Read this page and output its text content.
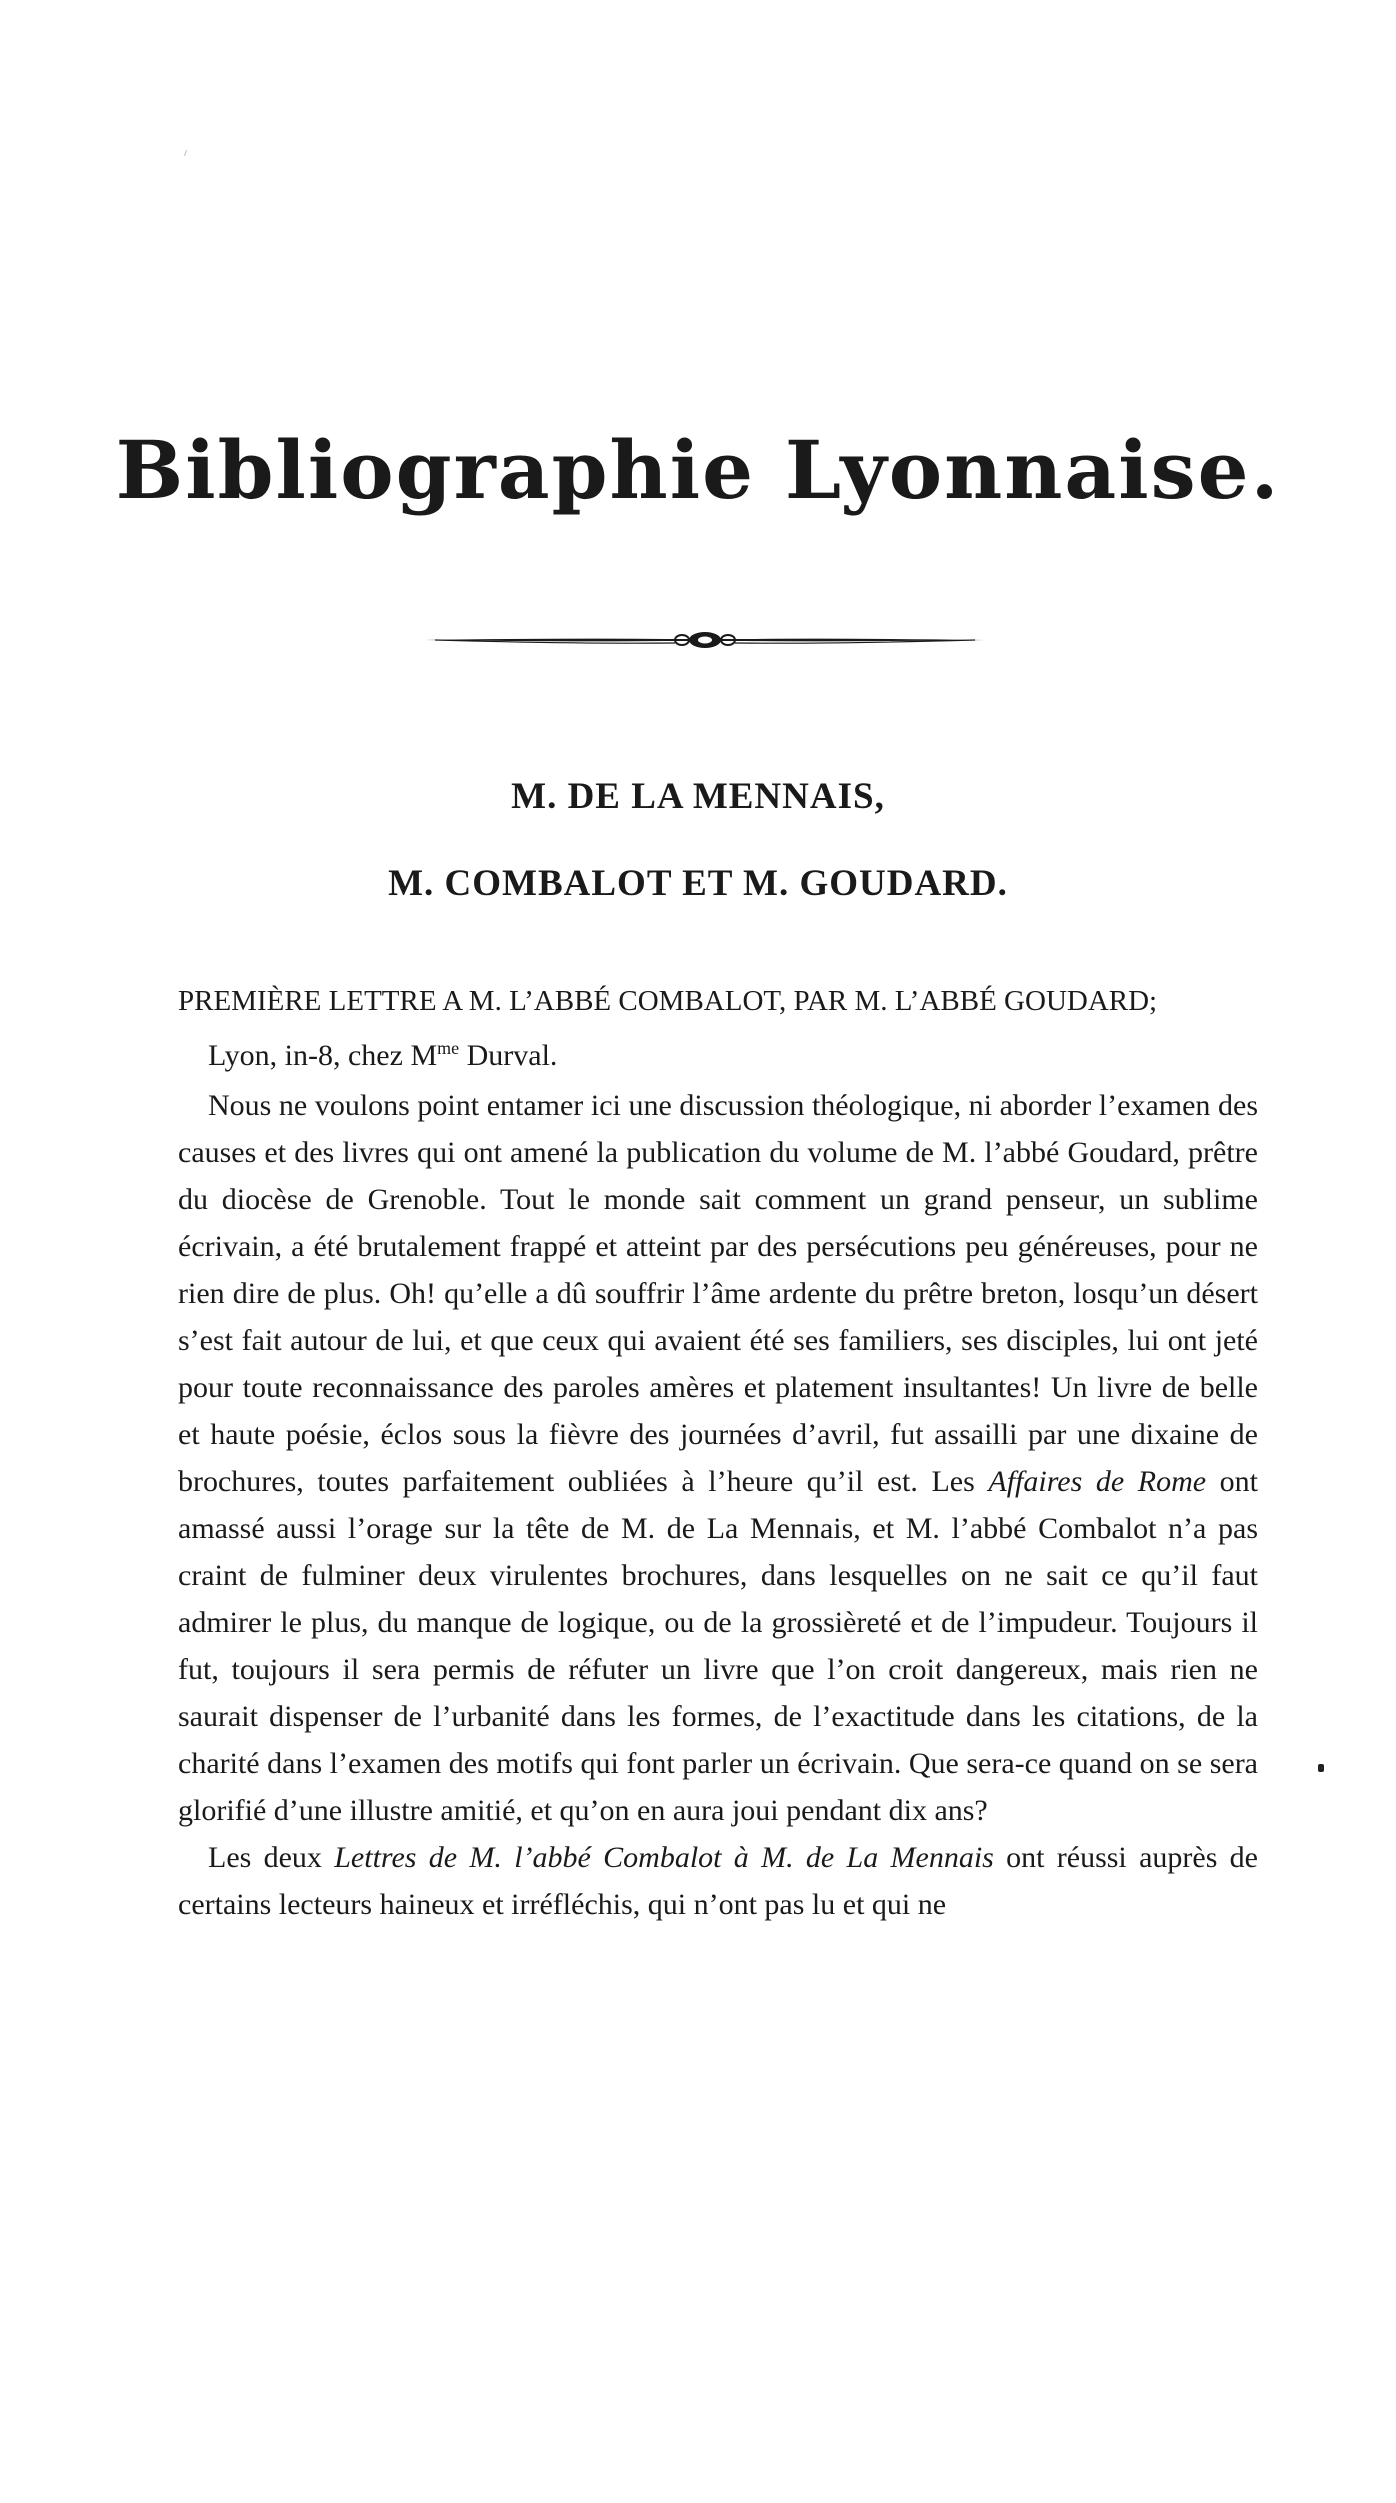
Bibliographie Lyonnaise.
M. DE LA MENNAIS,
M. COMBALOT ET M. GOUDARD.
PREMIÈRE LETTRE A M. L’ABBÉ COMBALOT, PAR M. L’ABBÉ GOUDARD;
Lyon, in-8, chez $M^{me}$ Durval.

Nous ne voulons point entamer ici une discussion théologique, ni aborder l’examen des causes et des livres qui ont amené la publication du volume de M. l’abbé Goudard, prêtre du diocèse de Grenoble. Tout le monde sait comment un grand penseur, un sublime écrivain, a été brutalement frappé et atteint par des persécutions peu généreuses, pour ne rien dire de plus. Oh! qu’elle a dû souffrir l’âme ardente du prêtre breton, losqu’un désert s’est fait autour de lui, et que ceux qui avaient été ses familiers, ses disciples, lui ont jeté pour toute reconnaissance des paroles amères et platement insultantes! Un livre de belle et haute poésie, éclos sous la fièvre des journées d’avril, fut assailli par une dixaine de brochures, toutes parfaitement oubliées à l’heure qu’il est. Les Affaires de Rome ont amassé aussi l’orage sur la tête de M. de La Mennais, et M. l’abbé Combalot n’a pas craint de fulminer deux virulentes brochures, dans lesquelles on ne sait ce qu’il faut admirer le plus, du manque de logique, ou de la grossièreté et de l’impudeur. Toujours il fut, toujours il sera permis de réfuter un livre que l’on croit dangereux, mais rien ne saurait dispenser de l’urbanité dans les formes, de l’exactitude dans les citations, de la charité dans l’examen des motifs qui font parler un écrivain. Que sera-ce quand on se sera glorifié d’une illustre amitié, et qu’on en aura joui pendant dix ans?

Les deux Lettres de M. l’abbé Combalot à M. de La Mennais ont réussi auprès de certains lecteurs haineux et irréfléchis, qui n’ont pas lu et qui ne
